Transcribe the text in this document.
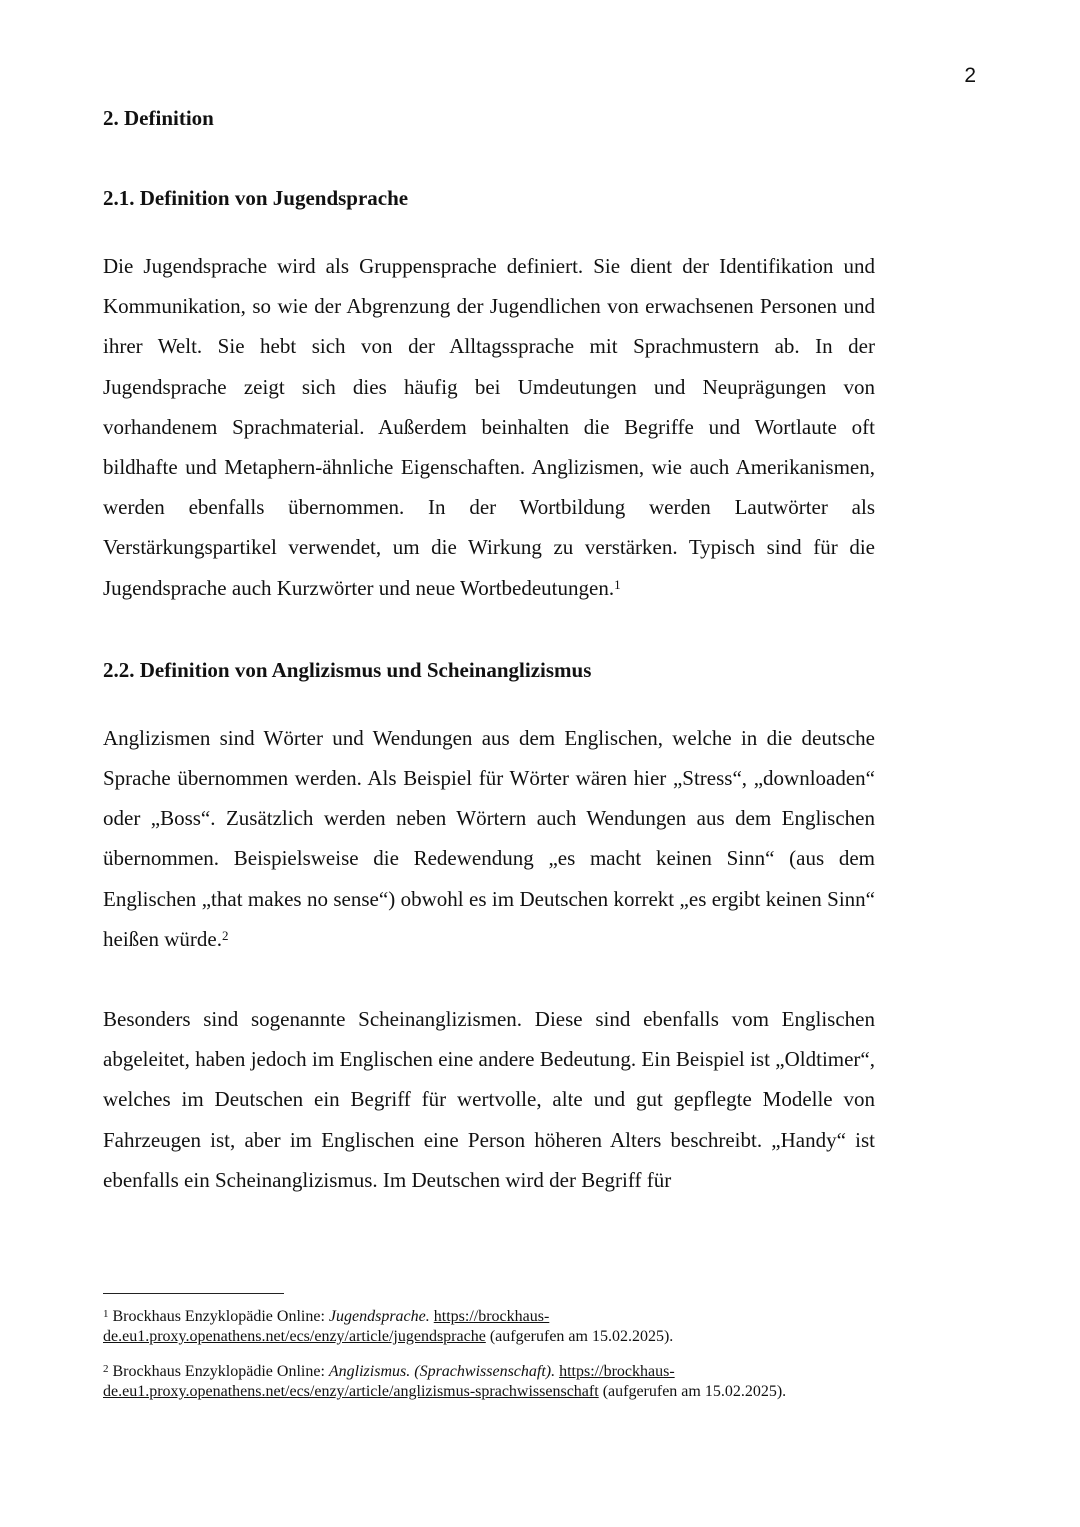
2
2. Definition
2.1. Definition von Jugendsprache

Die Jugendsprache wird als Gruppensprache definiert. Sie dient der Identifikation und Kommunikation, so wie der Abgrenzung der Jugendlichen von erwachsenen Personen und ihrer Welt. Sie hebt sich von der Alltagssprache mit Sprachmustern ab. In der Jugendsprache zeigt sich dies häufig bei Umdeutungen und Neuprägungen von vorhandenem Sprachmaterial. Außerdem beinhalten die Begriffe und Wortlaute oft bildhafte und Metaphern-ähnliche Eigenschaften. Anglizismen, wie auch Amerikanismen, werden ebenfalls übernommen. In der Wortbildung werden Lautwörter als Verstärkungspartikel verwendet, um die Wirkung zu verstärken. Typisch sind für die Jugendsprache auch Kurzwörter und neue Wortbedeutungen.$^1$

2.2. Definition von Anglizismus und Scheinanglizismus

Anglizismen sind Wörter und Wendungen aus dem Englischen, welche in die deutsche Sprache übernommen werden. Als Beispiel für Wörter wären hier „Stress“, „downloaden“ oder „Boss“. Zusätzlich werden neben Wörtern auch Wendungen aus dem Englischen übernommen. Beispielsweise die Redewendung „es macht keinen Sinn“ (aus dem Englischen „that makes no sense“) obwohl es im Deutschen korrekt „es ergibt keinen Sinn“ heißen würde.$^2$

Besonders sind sogenannte Scheinanglizismen. Diese sind ebenfalls vom Englischen abgeleitet, haben jedoch im Englischen eine andere Bedeutung. Ein Beispiel ist „Oldtimer“, welches im Deutschen ein Begriff für wertvolle, alte und gut gepflegte Modelle von Fahrzeugen ist, aber im Englischen eine Person höheren Alters beschreibt. „Handy“ ist ebenfalls ein Scheinanglizismus. Im Deutschen wird der Begriff für

$^1$ Brockhaus Enzyklopädie Online: Jugendsprache. https://brockhaus-de.eu1.proxy.openathens.net/ecs/enzy/article/jugendsprache (aufgerufen am 15.02.2025).

$^2$ Brockhaus Enzyklopädie Online: Anglizismus. (Sprachwissenschaft). https://brockhaus-de.eu1.proxy.openathens.net/ecs/enzy/article/anglizismus-sprachwissenschaft (aufgerufen am 15.02.2025).
